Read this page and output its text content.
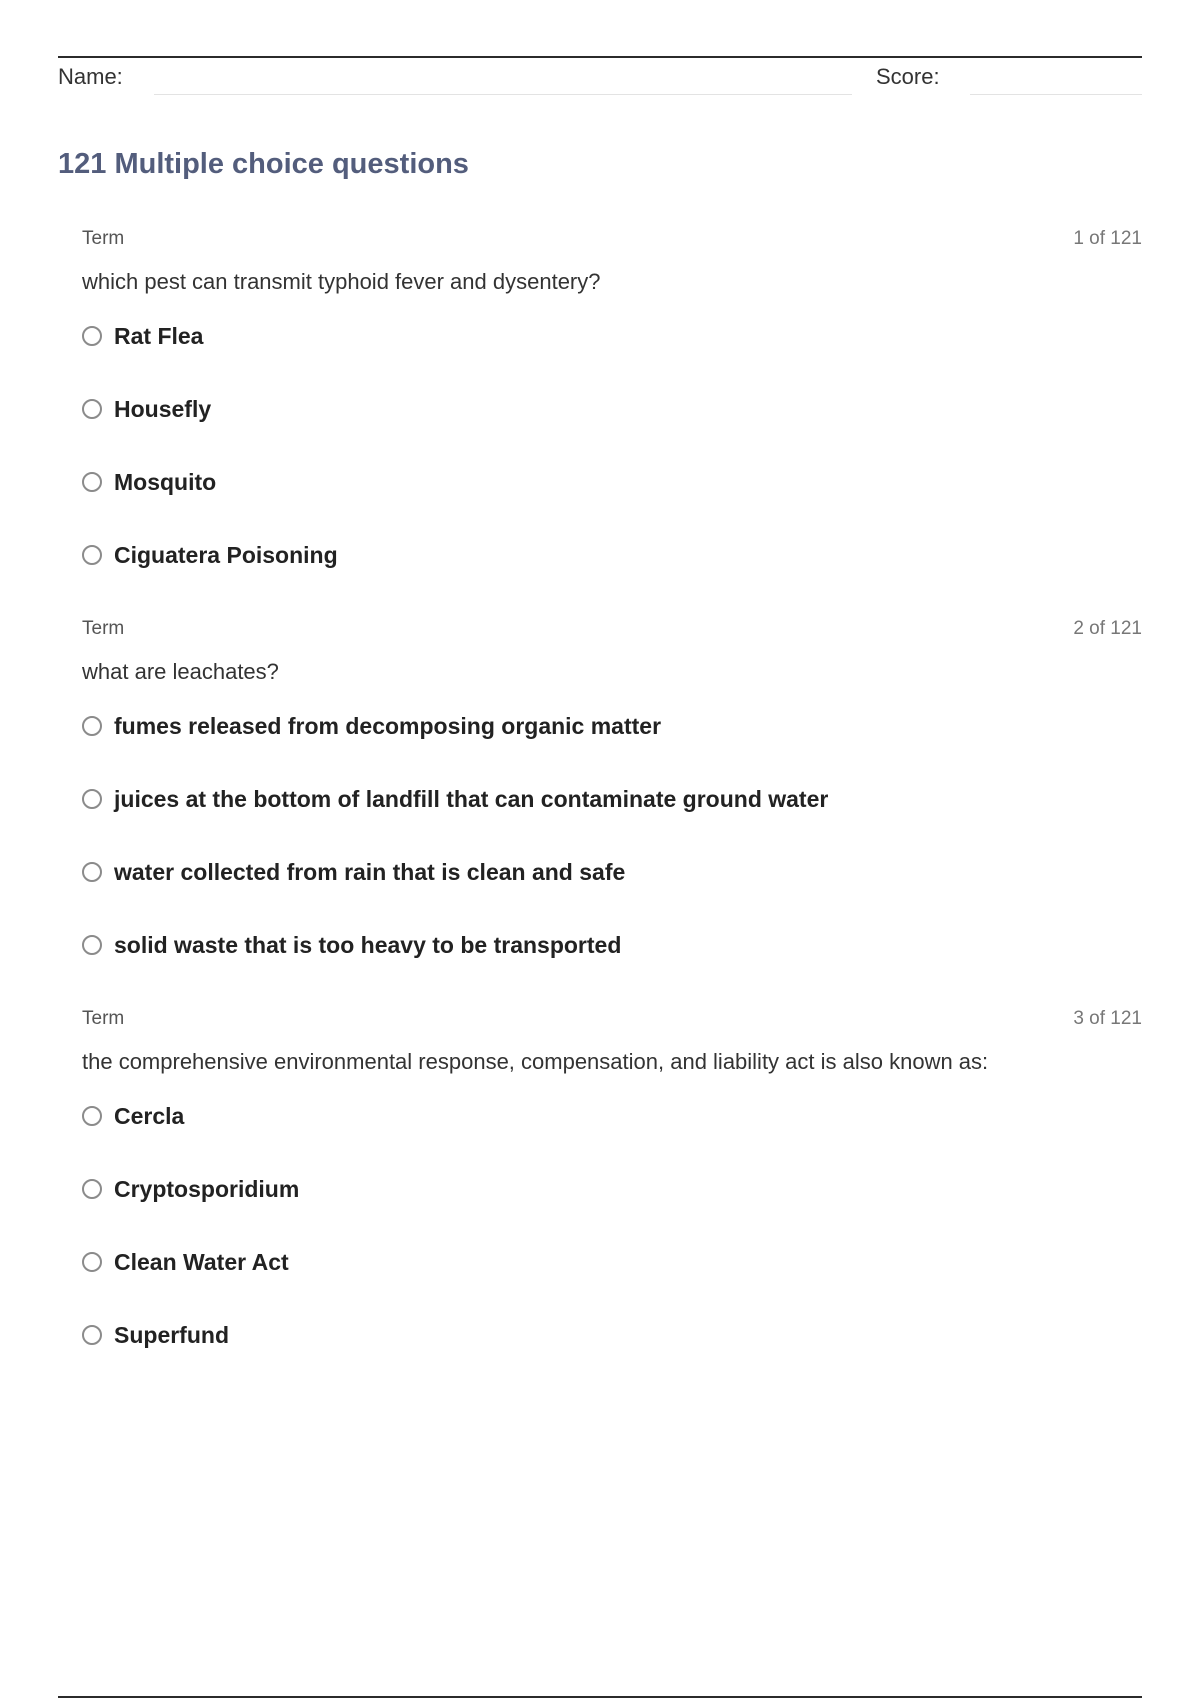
Name:	Score:
121 Multiple choice questions
Term	1 of 121
which pest can transmit typhoid fever and dysentery?
Rat Flea
Housefly
Mosquito
Ciguatera Poisoning
Term	2 of 121
what are leachates?
fumes released from decomposing organic matter
juices at the bottom of landfill that can contaminate ground water
water collected from rain that is clean and safe
solid waste that is too heavy to be transported
Term	3 of 121
the comprehensive environmental response, compensation, and liability act is also known as:
Cercla
Cryptosporidium
Clean Water Act
Superfund
